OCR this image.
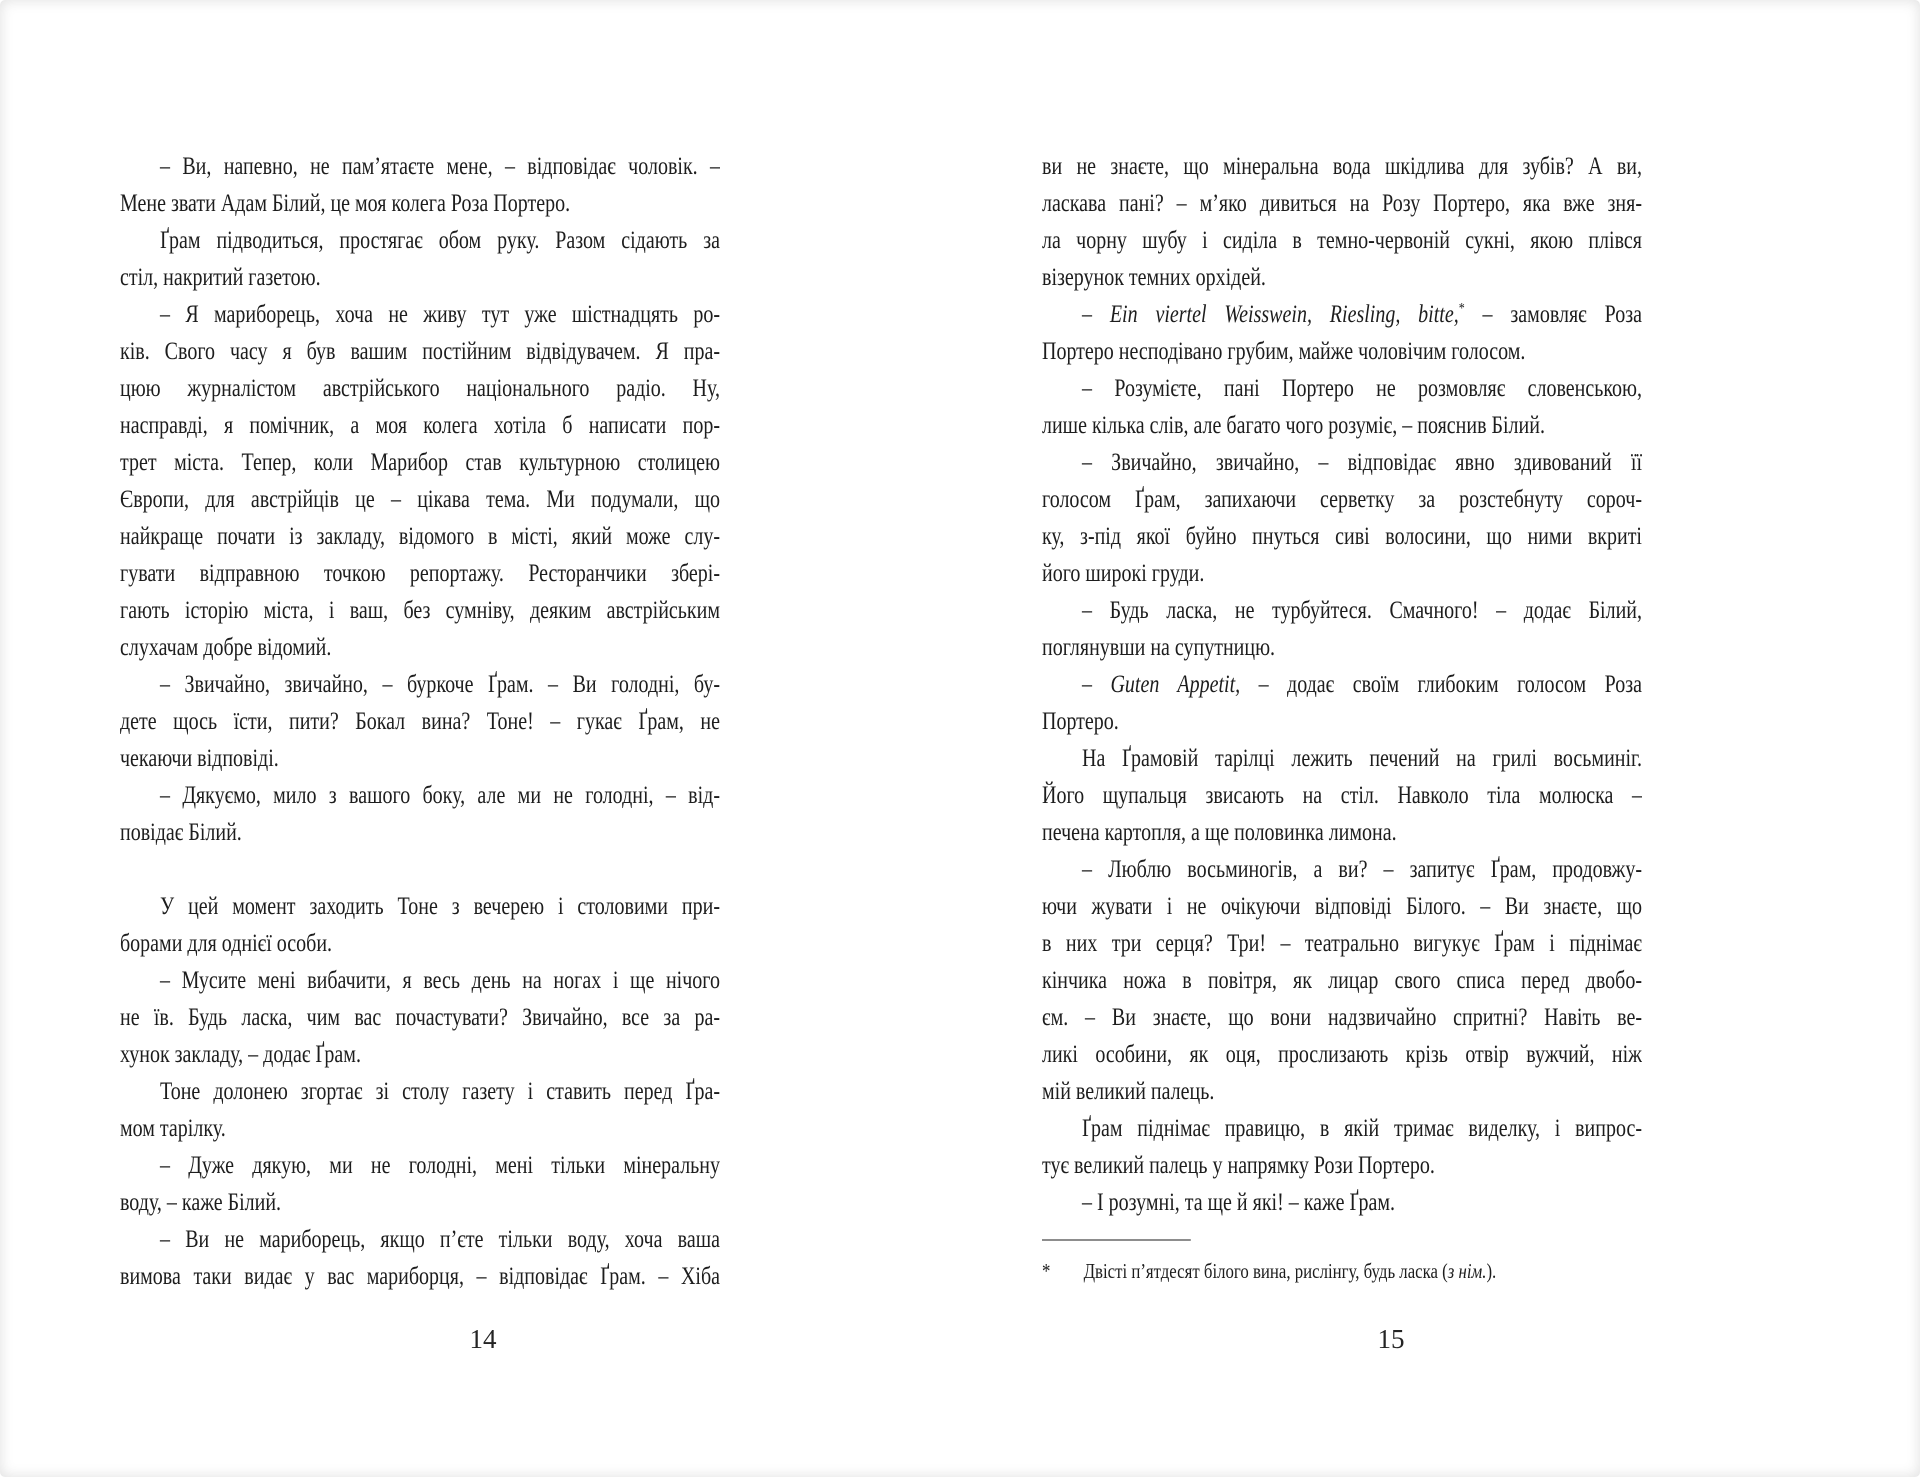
– Ви, напевно, не пам’ятаєте мене, – відповідає чоловік. –
Мене звати Адам Білий, це моя колега Роза Портеро.
Ґрам підводиться, простягає обом руку. Разом сідають за
стіл, накритий газетою.
– Я мариборець, хоча не живу тут уже шістнадцять ро-
ків. Свого часу я був вашим постійним відвідувачем. Я пра-
цюю журналістом австрійського національного радіо. Ну,
насправді, я помічник, а моя колега хотіла б написати пор-
трет міста. Тепер, коли Марибор став культурною столицею
Європи, для австрійців це – цікава тема. Ми подумали, що
найкраще почати із закладу, відомого в місті, який може слу-
гувати відправною точкою репортажу. Ресторанчики збері-
гають історію міста, і ваш, без сумніву, деяким австрійським
слухачам добре відомий.
– Звичайно, звичайно, – буркоче Ґрам. – Ви голодні, бу-
дете щось їсти, пити? Бокал вина? Тоне! – гукає Ґрам, не
чекаючи відповіді.
– Дякуємо, мило з вашого боку, але ми не голодні, – від-
повідає Білий.
У цей момент заходить Тоне з вечерею і столовими при-
борами для однієї особи.
– Мусите мені вибачити, я весь день на ногах і ще нічого
не їв. Будь ласка, чим вас почастувати? Звичайно, все за ра-
хунок закладу, – додає Ґрам.
Тоне долонею згортає зі столу газету і ставить перед Ґра-
мом тарілку.
– Дуже дякую, ми не голодні, мені тільки мінеральну
воду, – каже Білий.
– Ви не мариборець, якщо п’єте тільки воду, хоча ваша
вимова таки видає у вас мариборця, – відповідає Ґрам. – Хіба
ви не знаєте, що мінеральна вода шкідлива для зубів? А ви,
ласкава пані? – м’яко дивиться на Розу Портеро, яка вже зня-
ла чорну шубу і сиділа в темно-червоній сукні, якою плівся
візерунок темних орхідей.
– Ein viertel Weisswein, Riesling, bitte,* – замовляє Роза
Портеро несподівано грубим, майже чоловічим голосом.
– Розумієте, пані Портеро не розмовляє словенською,
лише кілька слів, але багато чого розуміє, – пояснив Білий.
– Звичайно, звичайно, – відповідає явно здивований її
голосом Ґрам, запихаючи серветку за розстебнуту сороч-
ку, з-під якої буйно пнуться сиві волосини, що ними вкриті
його широкі груди.
– Будь ласка, не турбуйтеся. Смачного! – додає Білий,
поглянувши на супутницю.
– Guten Appetit, – додає своїм глибоким голосом Роза
Портеро.
На Ґрамовій тарілці лежить печений на грилі восьминіг.
Його щупальця звисають на стіл. Навколо тіла молюска –
печена картопля, а ще половинка лимона.
– Люблю восьминогів, а ви? – запитує Ґрам, продовжу-
ючи жувати і не очікуючи відповіді Білого. – Ви знаєте, що
в них три серця? Три! – театрально вигукує Ґрам і піднімає
кінчика ножа в повітря, як лицар свого списа перед двобо-
єм. – Ви знаєте, що вони надзвичайно спритні? Навіть ве-
ликі особини, як оця, прослизають крізь отвір вужчий, ніж
мій великий палець.
Ґрам піднімає правицю, в якій тримає виделку, і випрос-
тує великий палець у напрямку Рози Портеро.
– І розумні, та ще й які! – каже Ґрам.
*	Двісті п’ятдесят білого вина, рислінгу, будь ласка (з нім.).
14	15
